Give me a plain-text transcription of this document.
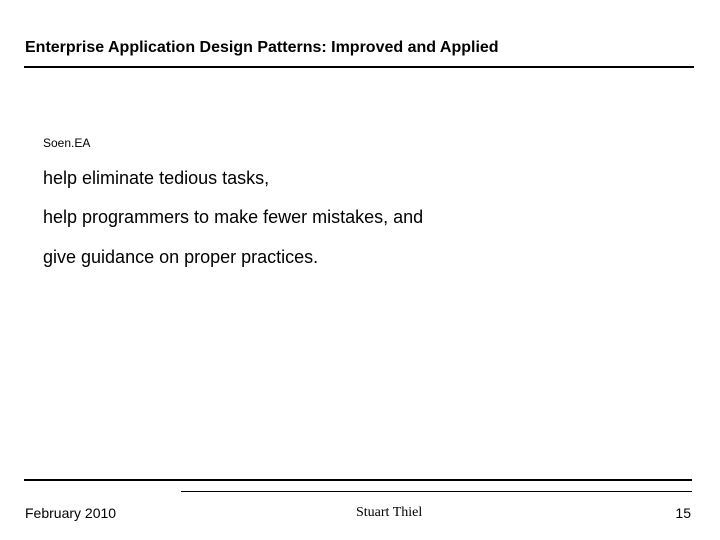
Enterprise Application Design Patterns: Improved and Applied
Soen.EA
help eliminate tedious tasks,
help programmers to make fewer mistakes, and
give guidance on proper practices.
February 2010	Stuart Thiel	15
